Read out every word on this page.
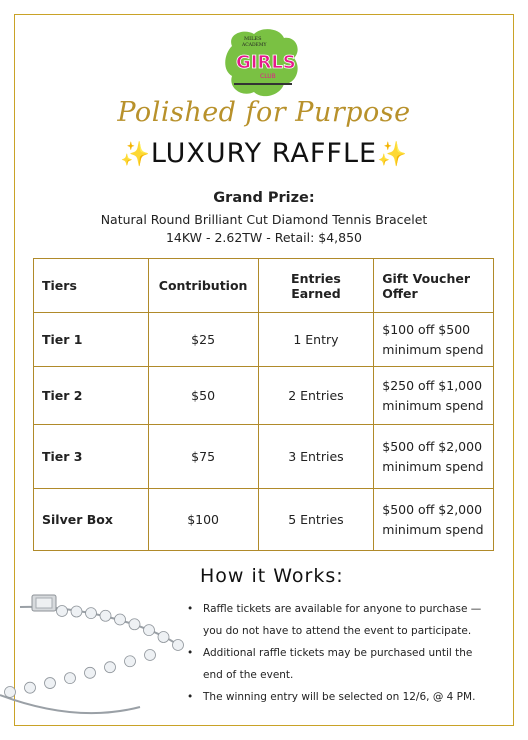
MILES
ACADEMY
GIRLS
CLUB
Polished for Purpose
✨LUXURY RAFFLE✨
Grand Prize:
Natural Round Brilliant Cut Diamond Tennis Bracelet
14KW - 2.62TW - Retail: $4,850
Tiers	Contribution	Entries Earned	Gift Voucher Offer
Tier 1	$25	1 Entry	$100 off $500 minimum spend
Tier 2	$50	2 Entries	$250 off $1,000 minimum spend
Tier 3	$75	3 Entries	$500 off $2,000 minimum spend
Silver Box	$100	5 Entries	$500 off $2,000 minimum spend
How it Works:
• Raffle tickets are available for anyone to purchase — you do not have to attend the event to participate.
• Additional raffle tickets may be purchased until the end of the event.
• The winning entry will be selected on 12/6, @ 4 PM.
